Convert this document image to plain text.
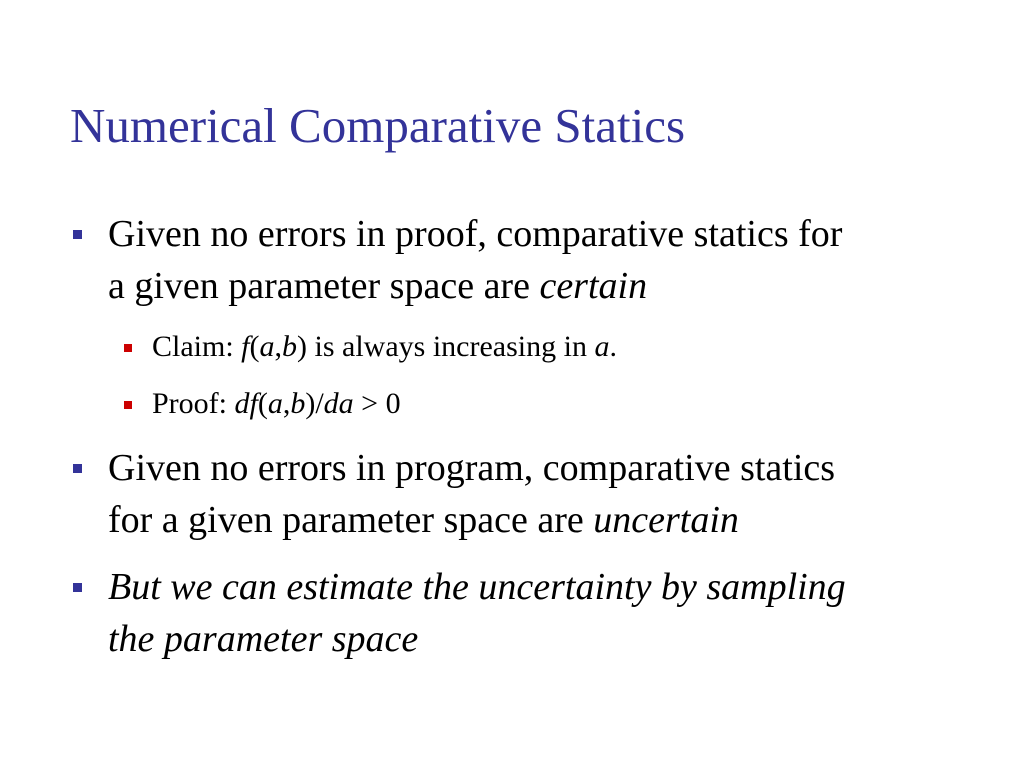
Numerical Comparative Statics
Given no errors in proof, comparative statics for
a given parameter space are certain
Claim: f(a,b) is always increasing in a.
Proof: df(a,b)/da > 0
Given no errors in program, comparative statics
for a given parameter space are uncertain
But we can estimate the uncertainty by sampling
the parameter space
